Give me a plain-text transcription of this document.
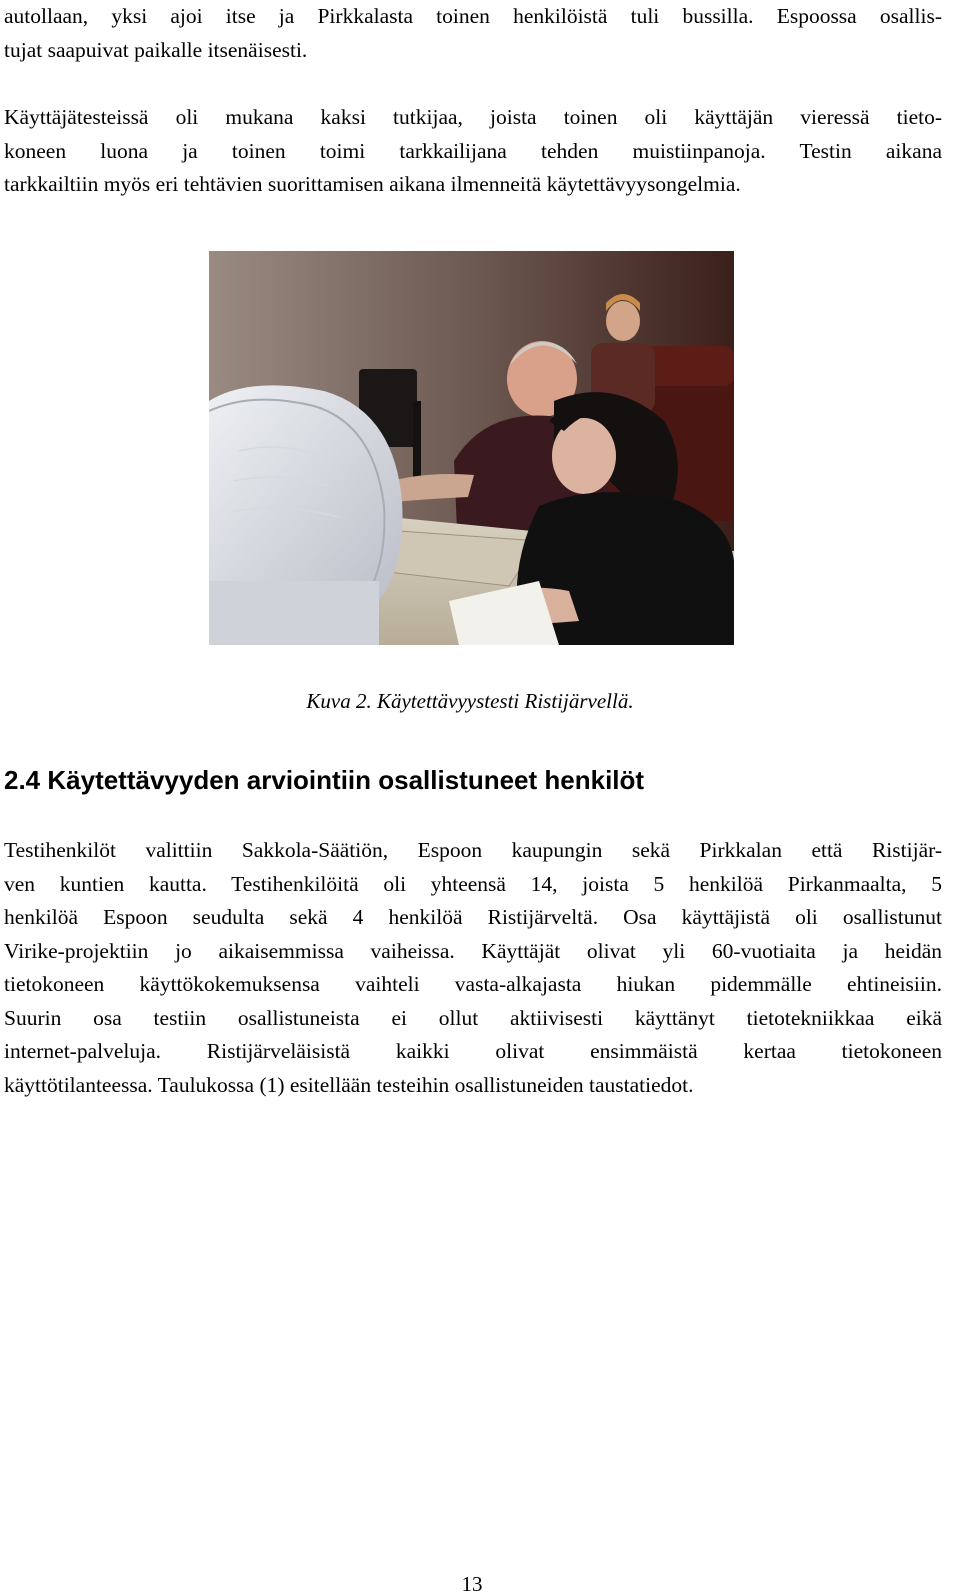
autollaan, yksi ajoi itse ja Pirkkalasta toinen henkilöistä tuli bussilla. Espoossa osallis-
tujat saapuivat paikalle itsenäisesti.

Käyttäjätesteissä oli mukana kaksi tutkijaa, joista toinen oli käyttäjän vieressä tieto-
koneen luona ja toinen toimi tarkkailijana tehden muistiinpanoja. Testin aikana
tarkkailtiin myös eri tehtävien suorittamisen aikana ilmenneitä käytettävyysongelmia.

Kuva 2. Käytettävyystesti Ristijärvellä.
2.4 Käytettävyyden arviointiin osallistuneet henkilöt

Testihenkilöt valittiin Sakkola-Säätiön, Espoon kaupungin sekä Pirkkalan että Ristijär-
ven kuntien kautta. Testihenkilöitä oli yhteensä 14, joista 5 henkilöä Pirkanmaalta, 5
henkilöä Espoon seudulta sekä 4 henkilöä Ristijärveltä. Osa käyttäjistä oli osallistunut
Virike-projektiin jo aikaisemmissa vaiheissa. Käyttäjät olivat yli 60-vuotiaita ja heidän
tietokoneen käyttökokemuksensa vaihteli vasta-alkajasta hiukan pidemmälle ehtineisiin.
Suurin osa testiin osallistuneista ei ollut aktiivisesti käyttänyt tietotekniikkaa eikä
internet-palveluja. Ristijärveläisistä kaikki olivat ensimmäistä kertaa tietokoneen
käyttötilanteessa. Taulukossa (1) esitellään testeihin osallistuneiden taustatiedot.

13
